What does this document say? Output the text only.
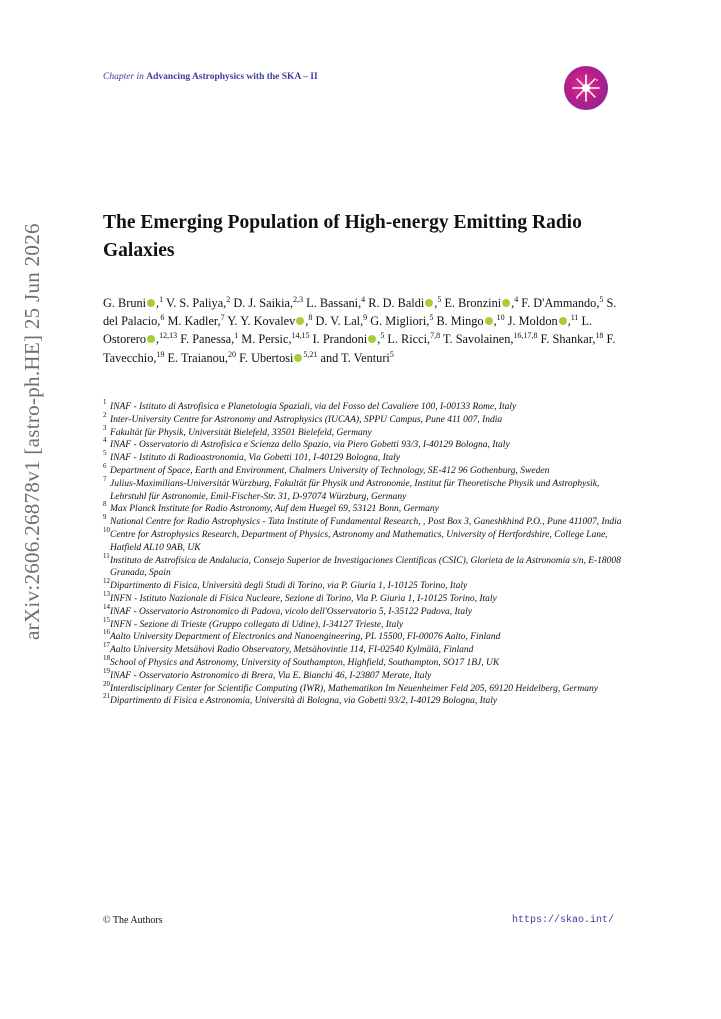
arXiv:2606.26878v1 [astro-ph.HE] 25 Jun 2026
Chapter in Advancing Astrophysics with the SKA – II
The Emerging Population of High-energy Emitting Radio Galaxies
G. Bruni ,$^1$ V. S. Paliya,$^2$ D. J. Saikia,$^{2,3}$ L. Bassani,$^4$ R. D. Baldi ,$^5$ E. Bronzini ,$^4$ F. D'Ammando,$^5$ S. del Palacio,$^6$ M. Kadler,$^7$ Y. Y. Kovalev ,$^8$ D. V. Lal,$^9$ G. Migliori,$^5$ B. Mingo ,$^{10}$ J. Moldon ,$^{11}$ L. Ostorero ,$^{12,13}$ F. Panessa,$^1$ M. Persic,$^{14,15}$ I. Prandoni ,$^5$ L. Ricci,$^{7,8}$ T. Savolainen,$^{16,17,8}$ F. Shankar,$^{18}$ F. Tavecchio,$^{19}$ E. Traianou,$^{20}$ F. Ubertosi $^{5,21}$ and T. Venturi$^5$
1 INAF - Istituto di Astrofisica e Planetologia Spaziali, via del Fosso del Cavaliere 100, I-00133 Rome, Italy
2 Inter-University Centre for Astronomy and Astrophysics (IUCAA), SPPU Campus, Pune 411 007, India
3 Fakultät für Physik, Universität Bielefeld, 33501 Bielefeld, Germany
4 INAF - Osservatorio di Astrofisica e Scienza dello Spazio, via Piero Gobetti 93/3, I-40129 Bologna, Italy
5 INAF - Istituto di Radioastronomia, Via Gobetti 101, I-40129 Bologna, Italy
6 Department of Space, Earth and Environment, Chalmers University of Technology, SE-412 96 Gothenburg, Sweden
7 Julius-Maximilians-Universität Würzburg, Fakultät für Physik und Astronomie, Institut für Theoretische Physik und Astrophysik, Lehrstuhl für Astronomie, Emil-Fischer-Str. 31, D-97074 Würzburg, Germany
8 Max Planck Institute for Radio Astronomy, Auf dem Huegel 69, 53121 Bonn, Germany
9 National Centre for Radio Astrophysics - Tata Institute of Fundamental Research, , Post Box 3, Ganeshkhind P.O., Pune 411007, India
10 Centre for Astrophysics Research, Department of Physics, Astronomy and Mathematics, University of Hertfordshire, College Lane, Hatfield AL10 9AB, UK
11 Instituto de Astrofísica de Andalucía, Consejo Superior de Investigaciones Científicas (CSIC), Glorieta de la Astronomía s/n, E-18008 Granada, Spain
12 Dipartimento di Fisica, Università degli Studi di Torino, via P. Giuria 1, I-10125 Torino, Italy
13 INFN - Istituto Nazionale di Fisica Nucleare, Sezione di Torino, Via P. Giuria 1, I-10125 Torino, Italy
14 INAF - Osservatorio Astronomico di Padova, vicolo dell'Osservatorio 5, I-35122 Padova, Italy
15 INFN - Sezione di Trieste (Gruppo collegato di Udine), I-34127 Trieste, Italy
16 Aalto University Department of Electronics and Nanoengineering, PL 15500, FI-00076 Aalto, Finland
17 Aalto University Metsähovi Radio Observatory, Metsähovintie 114, FI-02540 Kylmälä, Finland
18 School of Physics and Astronomy, University of Southampton, Highfield, Southampton, SO17 1BJ, UK
19 INAF - Osservatorio Astronomico di Brera, Via E. Bianchi 46, I-23807 Merate, Italy
20 Interdisciplinary Center for Scientific Computing (IWR), Mathematikon Im Neuenheimer Feld 205, 69120 Heidelberg, Germany
21 Dipartimento di Fisica e Astronomia, Università di Bologna, via Gobetti 93/2, I-40129 Bologna, Italy
© The Authors	https://skao.int/
